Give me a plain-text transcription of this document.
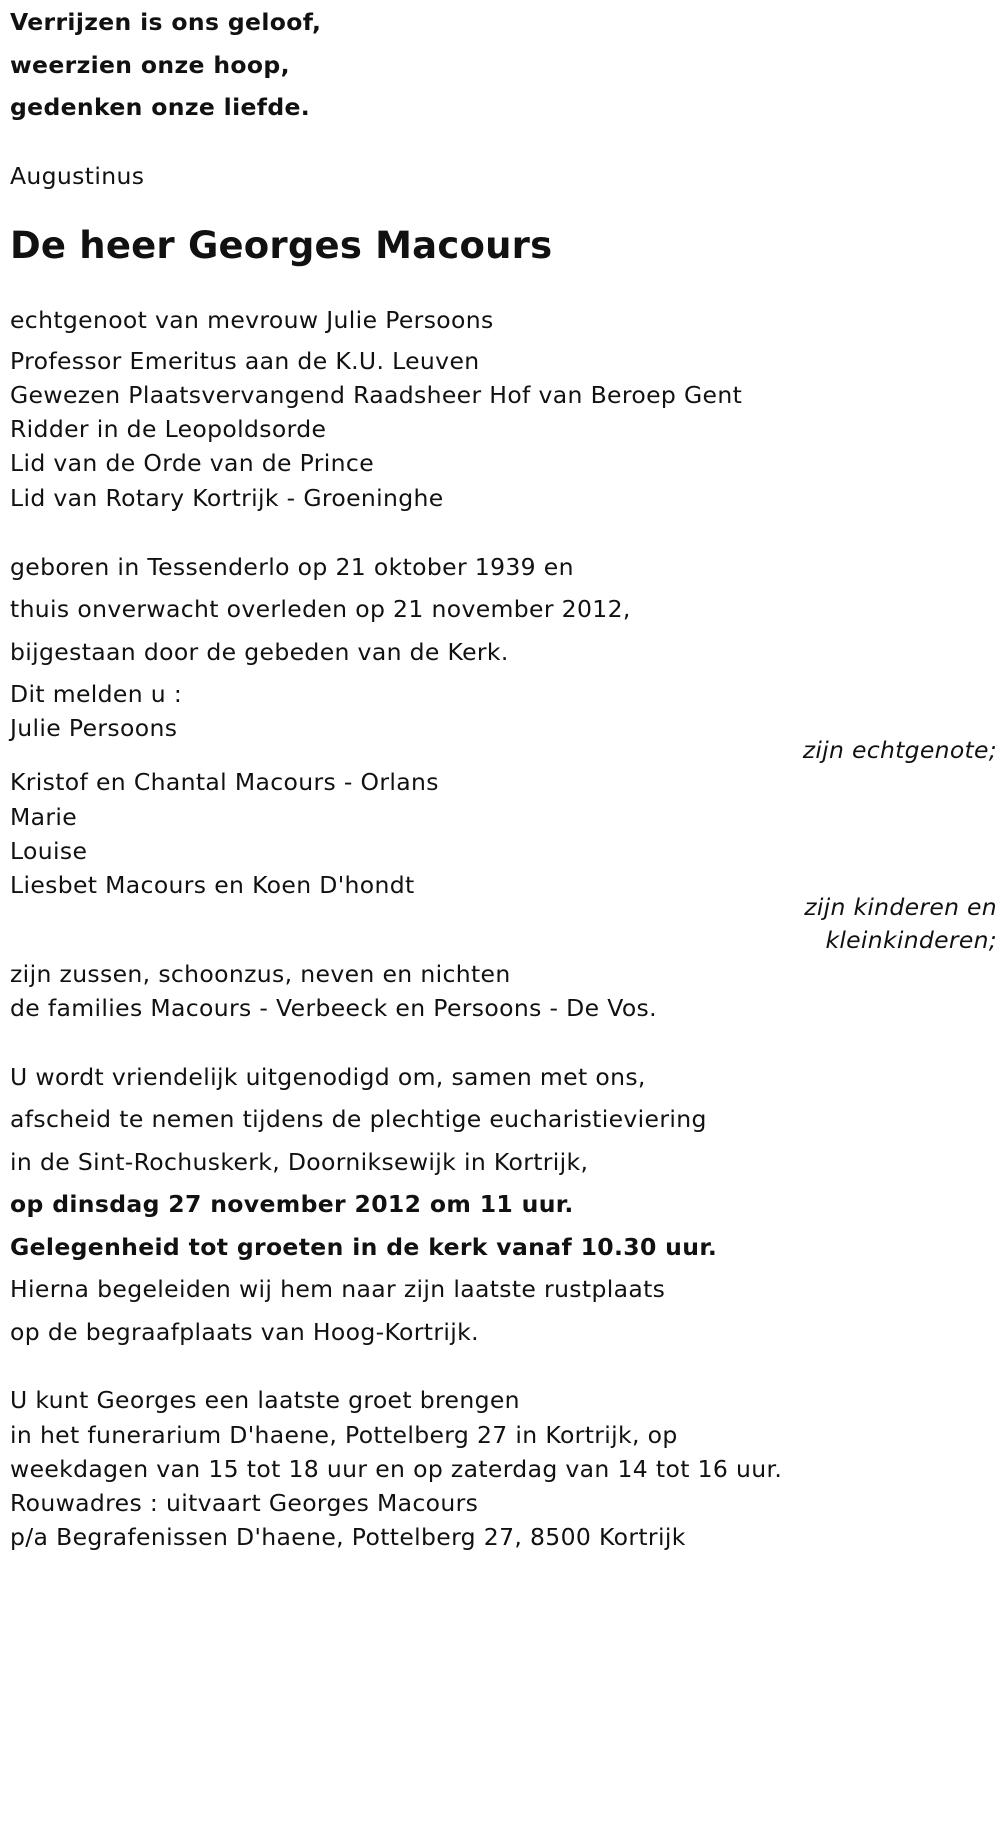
Verrijzen is ons geloof,
weerzien onze hoop,
gedenken onze liefde.
Augustinus
De heer Georges Macours
echtgenoot van mevrouw Julie Persoons
Professor Emeritus aan de K.U. Leuven
Gewezen Plaatsvervangend Raadsheer Hof van Beroep Gent
Ridder in de Leopoldsorde
Lid van de Orde van de Prince
Lid van Rotary Kortrijk - Groeninghe
geboren in Tessenderlo op 21 oktober 1939 en
thuis onverwacht overleden op 21 november 2012,
bijgestaan door de gebeden van de Kerk.
Dit melden u :
Julie Persoons
zijn echtgenote;
Kristof en Chantal Macours - Orlans
Marie
Louise
Liesbet Macours en Koen D'hondt
zijn kinderen en
kleinkinderen;
zijn zussen, schoonzus, neven en nichten
de families Macours - Verbeeck en Persoons - De Vos.
U wordt vriendelijk uitgenodigd om, samen met ons,
afscheid te nemen tijdens de plechtige eucharistieviering
in de Sint-Rochuskerk, Doorniksewijk in Kortrijk,
op dinsdag 27 november 2012 om 11 uur.
Gelegenheid tot groeten in de kerk vanaf 10.30 uur.
Hierna begeleiden wij hem naar zijn laatste rustplaats
op de begraafplaats van Hoog-Kortrijk.
U kunt Georges een laatste groet brengen
in het funerarium D'haene, Pottelberg 27 in Kortrijk, op
weekdagen van 15 tot 18 uur en op zaterdag van 14 tot 16 uur.
Rouwadres : uitvaart Georges Macours
p/a Begrafenissen D'haene, Pottelberg 27, 8500 Kortrijk
